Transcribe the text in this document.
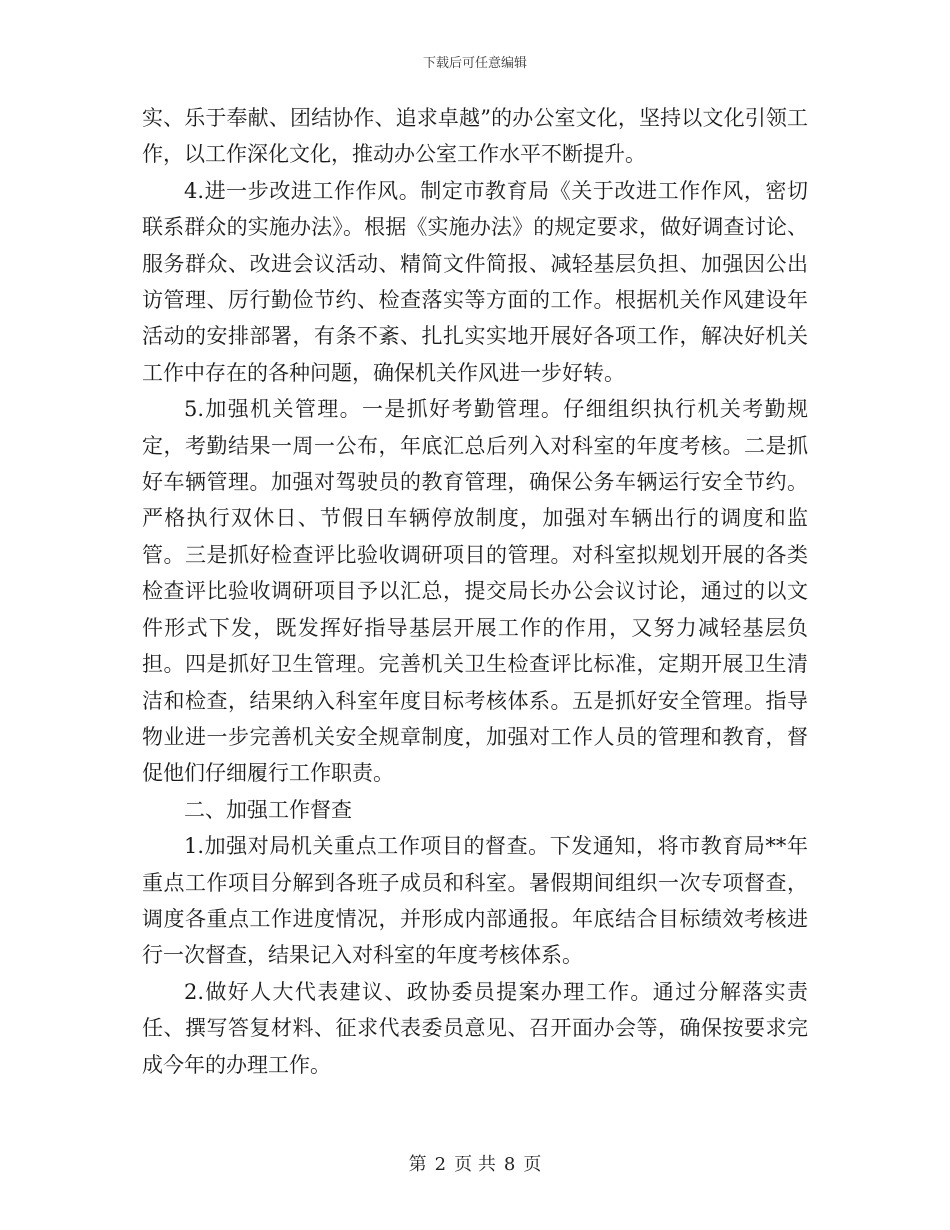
下载后可任意编辑

实、乐于奉献、团结协作、追求卓越”的办公室文化，坚持以文化引领工作，以工作深化文化，推动办公室工作水平不断提升。

4.进一步改进工作作风。制定市教育局《关于改进工作作风，密切联系群众的实施办法》。根据《实施办法》的规定要求，做好调查讨论、服务群众、改进会议活动、精简文件简报、减轻基层负担、加强因公出访管理、厉行勤俭节约、检查落实等方面的工作。根据机关作风建设年活动的安排部署，有条不紊、扎扎实实地开展好各项工作，解决好机关工作中存在的各种问题，确保机关作风进一步好转。

5.加强机关管理。一是抓好考勤管理。仔细组织执行机关考勤规定，考勤结果一周一公布，年底汇总后列入对科室的年度考核。二是抓好车辆管理。加强对驾驶员的教育管理，确保公务车辆运行安全节约。严格执行双休日、节假日车辆停放制度，加强对车辆出行的调度和监管。三是抓好检查评比验收调研项目的管理。对科室拟规划开展的各类检查评比验收调研项目予以汇总，提交局长办公会议讨论，通过的以文件形式下发，既发挥好指导基层开展工作的作用，又努力减轻基层负担。四是抓好卫生管理。完善机关卫生检查评比标准，定期开展卫生清洁和检查，结果纳入科室年度目标考核体系。五是抓好安全管理。指导物业进一步完善机关安全规章制度，加强对工作人员的管理和教育，督促他们仔细履行工作职责。

二、加强工作督查

1.加强对局机关重点工作项目的督查。下发通知，将市教育局**年重点工作项目分解到各班子成员和科室。暑假期间组织一次专项督查，调度各重点工作进度情况，并形成内部通报。年底结合目标绩效考核进行一次督查，结果记入对科室的年度考核体系。

2.做好人大代表建议、政协委员提案办理工作。通过分解落实责任、撰写答复材料、征求代表委员意见、召开面办会等，确保按要求完成今年的办理工作。

第 2 页 共 8 页
